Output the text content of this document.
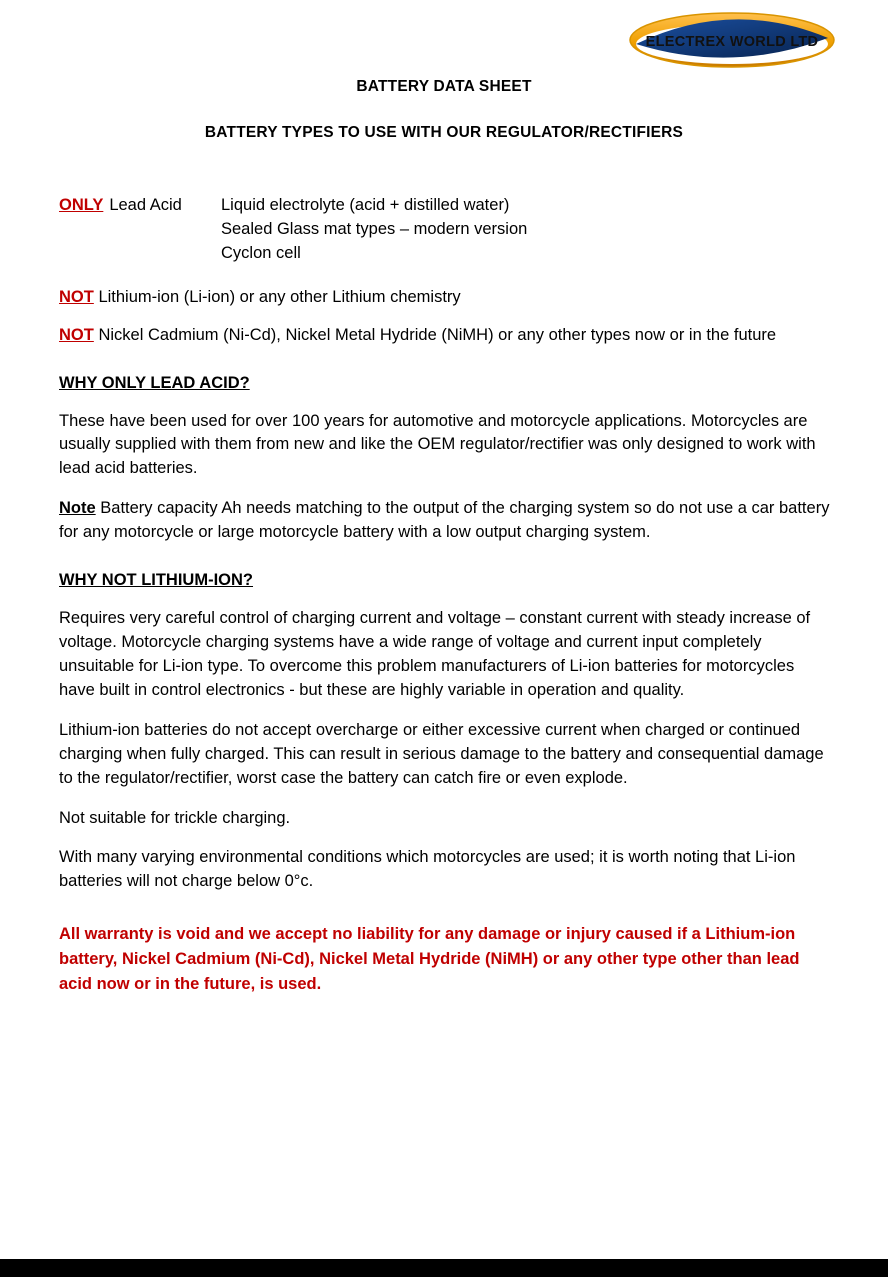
ELECTREX WORLD LTD
BATTERY DATA SHEET
BATTERY TYPES TO USE WITH OUR REGULATOR/RECTIFIERS
ONLY Lead Acid	Liquid electrolyte (acid + distilled water)
Sealed Glass mat types – modern version
Cyclon cell
NOT Lithium-ion (Li-ion) or any other Lithium chemistry
NOT Nickel Cadmium (Ni-Cd), Nickel Metal Hydride (NiMH) or any other types now or in the future
WHY ONLY LEAD ACID?

These have been used for over 100 years for automotive and motorcycle applications. Motorcycles are usually supplied with them from new and like the OEM regulator/rectifier was only designed to work with lead acid batteries.

Note Battery capacity Ah needs matching to the output of the charging system so do not use a car battery for any motorcycle or large motorcycle battery with a low output charging system.

WHY NOT LITHIUM-ION?

Requires very careful control of charging current and voltage – constant current with steady increase of voltage. Motorcycle charging systems have a wide range of voltage and current input completely unsuitable for Li-ion type. To overcome this problem manufacturers of Li-ion batteries for motorcycles have built in control electronics - but these are highly variable in operation and quality.

Lithium-ion batteries do not accept overcharge or either excessive current when charged or continued charging when fully charged. This can result in serious damage to the battery and consequential damage to the regulator/rectifier, worst case the battery can catch fire or even explode.

Not suitable for trickle charging.

With many varying environmental conditions which motorcycles are used; it is worth noting that Li-ion batteries will not charge below 0°c.

All warranty is void and we accept no liability for any damage or injury caused if a Lithium-ion battery, Nickel Cadmium (Ni-Cd), Nickel Metal Hydride (NiMH) or any other type other than lead acid now or in the future, is used.
